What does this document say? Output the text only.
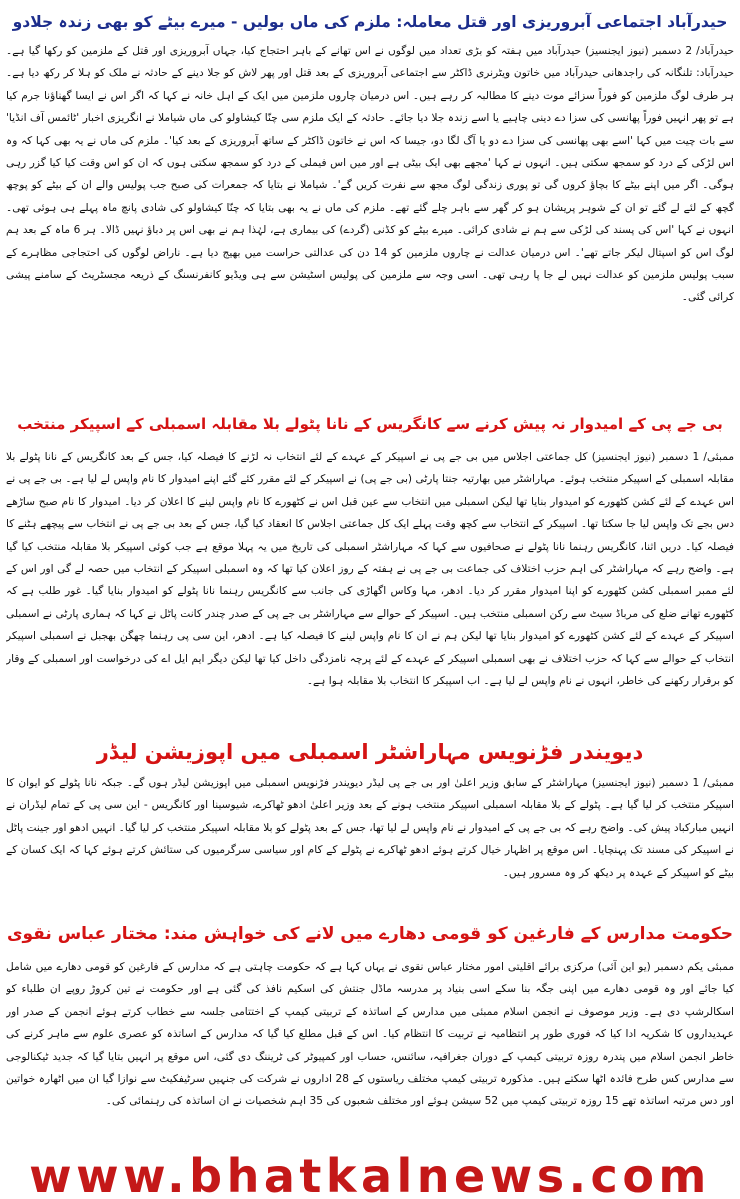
حیدرآباد اجتماعی آبروریزی اور قتل معاملہ: ملزم کی ماں بولیں - میرے بیٹے کو بھی زندہ جلادو

حیدرآباد/ 2 دسمبر (نیوز ایجنسیز) حیدرآباد میں ہفتہ کو بڑی تعداد میں لوگوں نے اس تھانے کے باہر احتجاج کیا، جہاں آبروریزی اور قتل کے ملزمین کو رکھا گیا ہے۔ حیدرآباد: تلنگانہ کی راجدھانی حیدرآباد میں خاتون ویٹرنری ڈاکٹر سے اجتماعی آبروریزی کے بعد قتل اور پھر لاش کو جلا دینے کے حادثہ نے ملک کو ہلا کر رکھ دیا ہے۔ ہر طرف لوگ ملزمین کو فوراً سزائے موت دینے کا مطالبہ کر رہے ہیں۔ اس درمیان چاروں ملزمین میں ایک کے اہل خانہ نے کہا کہ اگر اس نے ایسا گھناؤنا جرم کیا ہے تو پھر انہیں فوراً پھانسی کی سزا دے دینی چاہیے یا اسے زندہ جلا دیا جائے۔ حادثہ کے ایک ملزم سی چنّا کیشاولو کی ماں شیاملا نے انگریزی اخبار 'ٹائمس آف انڈیا' سے بات چیت میں کہا 'اسے بھی پھانسی کی سزا دے دو یا آگ لگا دو، جیسا کہ اس نے خاتون ڈاکٹر کے ساتھ آبروریزی کے بعد کیا'۔ ملزم کی ماں نے یہ بھی کہا کہ وہ اس لڑکی کے درد کو سمجھ سکتی ہیں۔ انہوں نے کہا 'مجھے بھی ایک بیٹی ہے اور میں اس فیملی کے درد کو سمجھ سکتی ہوں کہ ان کو اس وقت کیا کیا گزر رہی ہوگی۔ اگر میں اپنے بیٹے کا بچاؤ کروں گی تو پوری زندگی لوگ مجھ سے نفرت کریں گے'۔ شیاملا نے بتایا کہ جمعرات کی صبح جب پولیس والے ان کے بیٹے کو پوچھ گچھ کے لئے لے گئے تو ان کے شوہر پریشان ہو کر گھر سے باہر چلے گئے تھے۔ ملزم کی ماں نے یہ بھی بتایا کہ چنّا کیشاولو کی شادی پانچ ماہ پہلے ہی ہوئی تھی۔ انہوں نے کہا 'اس کی پسند کی لڑکی سے ہم نے شادی کرائی۔ میرے بیٹے کو کڈنی (گردے) کی بیماری ہے، لہٰذا ہم نے بھی اس پر دباؤ نہیں ڈالا۔ ہر 6 ماہ کے بعد ہم لوگ اس کو اسپتال لیکر جاتے تھے'۔ اس درمیان عدالت نے چاروں ملزمین کو 14 دن کی عدالتی حراست میں بھیج دیا ہے۔ ناراض لوگوں کی احتجاجی مظاہرے کے سبب پولیس ملزمین کو عدالت نہیں لے جا پا رہی تھی۔ اسی وجہ سے ملزمین کی پولیس اسٹیشن سے ہی ویڈیو کانفرنسنگ کے ذریعہ مجسٹریٹ کے سامنے پیشی کرائی گئی۔

بی جے پی کے امیدوار نہ پیش کرنے سے کانگریس کے نانا پٹولے بلا مقابلہ اسمبلی کے اسپیکر منتخب

ممبئی/ 1 دسمبر (نیوز ایجنسیز) کل جماعتی اجلاس میں بی جے پی نے اسپیکر کے عہدے کے لئے انتخاب نہ لڑنے کا فیصلہ کیا، جس کے بعد کانگریس کے نانا پٹولے بلا مقابلہ اسمبلی کے اسپیکر منتخب ہوئے۔ مہاراشٹر میں بھارتیہ جنتا پارٹی (بی جے پی) نے اسپیکر کے لئے مقرر کئے گئے اپنے امیدوار کا نام واپس لے لیا ہے۔ بی جے پی نے اس عہدے کے لئے کشن کٹھورے کو امیدوار بنایا تھا لیکن اسمبلی میں انتخاب سے عین قبل اس نے کٹھورے کا نام واپس لینے کا اعلان کر دیا۔ امیدوار کا نام صبح ساڑھے دس بجے تک واپس لیا جا سکتا تھا۔ اسپیکر کے انتخاب سے کچھ وقت پہلے ایک کل جماعتی اجلاس کا انعقاد کیا گیا، جس کے بعد بی جے پی نے انتخاب سے پیچھے ہٹنے کا فیصلہ کیا۔ دریں اثنا، کانگریس رہنما نانا پٹولے نے صحافیوں سے کہا کہ مہاراشٹر اسمبلی کی تاریخ میں یہ پہلا موقع ہے جب کوئی اسپیکر بلا مقابلہ منتخب کیا گیا ہے۔ واضح رہے کہ مہاراشٹر کی اہم حزب اختلاف کی جماعت بی جے پی نے ہفتہ کے روز اعلان کیا تھا کہ وہ اسمبلی اسپیکر کے انتخاب میں حصہ لے گی اور اس کے لئے ممبر اسمبلی کشن کٹھورے کو اپنا امیدوار مقرر کر دیا۔ ادھر، مہا وکاس اگھاڑی کی جانب سے کانگریس رہنما نانا پٹولے کو امیدوار بنایا گیا۔ غور طلب ہے کہ کٹھورے تھانے ضلع کی مرباڈ سیٹ سے رکن اسمبلی منتخب ہیں۔ اسپیکر کے حوالے سے مہاراشٹر بی جے پی کے صدر چندر کانت پاٹل نے کہا کہ ہماری پارٹی نے اسمبلی اسپیکر کے عہدے کے لئے کشن کٹھورے کو امیدوار بنایا تھا لیکن ہم نے ان کا نام واپس لینے کا فیصلہ کیا ہے۔ ادھر، این سی پی رہنما چھگن بھجبل نے اسمبلی اسپیکر انتخاب کے حوالے سے کہا کہ حزب اختلاف نے بھی اسمبلی اسپیکر کے عہدے کے لئے پرچہ نامزدگی داخل کیا تھا لیکن دیگر ایم ایل اے کی درخواست اور اسمبلی کے وقار کو برقرار رکھنے کی خاطر، انہوں نے نام واپس لے لیا ہے۔ اب اسپیکر کا انتخاب بلا مقابلہ ہوا ہے۔

دیویندر فڑنویس مہاراشٹر اسمبلی میں اپوزیشن لیڈر

ممبئی/ 1 دسمبر (نیوز ایجنسیز) مہاراشٹر کے سابق وزیر اعلیٰ اور بی جے پی لیڈر دیویندر فڑنویس اسمبلی میں اپوزیشن لیڈر ہوں گے۔ جبکہ نانا پٹولے کو ایوان کا اسپیکر منتخب کر لیا گیا ہے۔ پٹولے کے بلا مقابلہ اسمبلی اسپیکر منتخب ہونے کے بعد وزیر اعلیٰ ادھو ٹھاکرے، شیوسینا اور کانگریس - این سی پی کے تمام لیڈران نے انہیں مبارکباد پیش کی۔ واضح رہے کہ بی جے پی کے امیدوار نے نام واپس لے لیا تھا، جس کے بعد پٹولے کو بلا مقابلہ اسپیکر منتخب کر لیا گیا۔ انہیں ادھو اور جینت پاٹل نے اسپیکر کی مسند تک پہنچایا۔ اس موقع پر اظہار خیال کرتے ہوئے ادھو ٹھاکرے نے پٹولے کے کام اور سیاسی سرگرمیوں کی ستائش کرتے ہوئے کہا کہ ایک کسان کے بیٹے کو اسپیکر کے عہدہ پر دیکھ کر وہ مسرور ہیں۔

حکومت مدارس کے فارغین کو قومی دھارے میں لانے کی خواہش مند: مختار عباس نقوی

ممبئی یکم دسمبر (یو این آئی) مرکزی برائے اقلیتی امور مختار عباس نقوی نے یہاں کہا ہے کہ حکومت چاہتی ہے کہ مدارس کے فارغین کو قومی دھارے میں شامل کیا جائے اور وہ قومی دھارے میں اپنی جگہ بنا سکے اسی بنیاد پر مدرسہ ماڈل جنتش کی اسکیم نافذ کی گئی ہے اور حکومت نے تین کروڑ روپے ان طلباء کو اسکالرشپ دی ہے۔ وزیر موصوف نے انجمن اسلام ممبئی میں مدارس کے اساتذہ کے تربیتی کیمپ کے اختتامی جلسہ سے خطاب کرتے ہوئے انجمن کے صدر اور عہدیداروں کا شکریہ ادا کیا کہ فوری طور پر انتظامیہ نے تربیت کا انتظام کیا۔ اس کے قبل مطلع کیا گیا کہ مدارس کے اساتذہ کو عصری علوم سے ماہر کرنے کی خاطر انجمن اسلام میں پندرہ روزہ تربیتی کیمپ کے دوران جغرافیہ، سائنس، حساب اور کمپیوٹر کی ٹریننگ دی گئی، اس موقع پر انہیں بتایا گیا کہ جدید ٹیکنالوجی سے مدارس کس طرح فائدہ اٹھا سکتے ہیں۔ مذکورہ تربیتی کیمپ مختلف ریاستوں کے 28 اداروں نے شرکت کی جنہیں سرٹیفکیٹ سے نوازا گیا ان میں اٹھارہ خواتین اور دس مرتبہ اساتذہ تھے 15 روزہ تربیتی کیمپ میں 52 سیشن ہوئے اور مختلف شعبوں کی 35 اہم شخصیات نے ان اساتذہ کی رہنمائی کی۔

www.bhatkalnews.com
